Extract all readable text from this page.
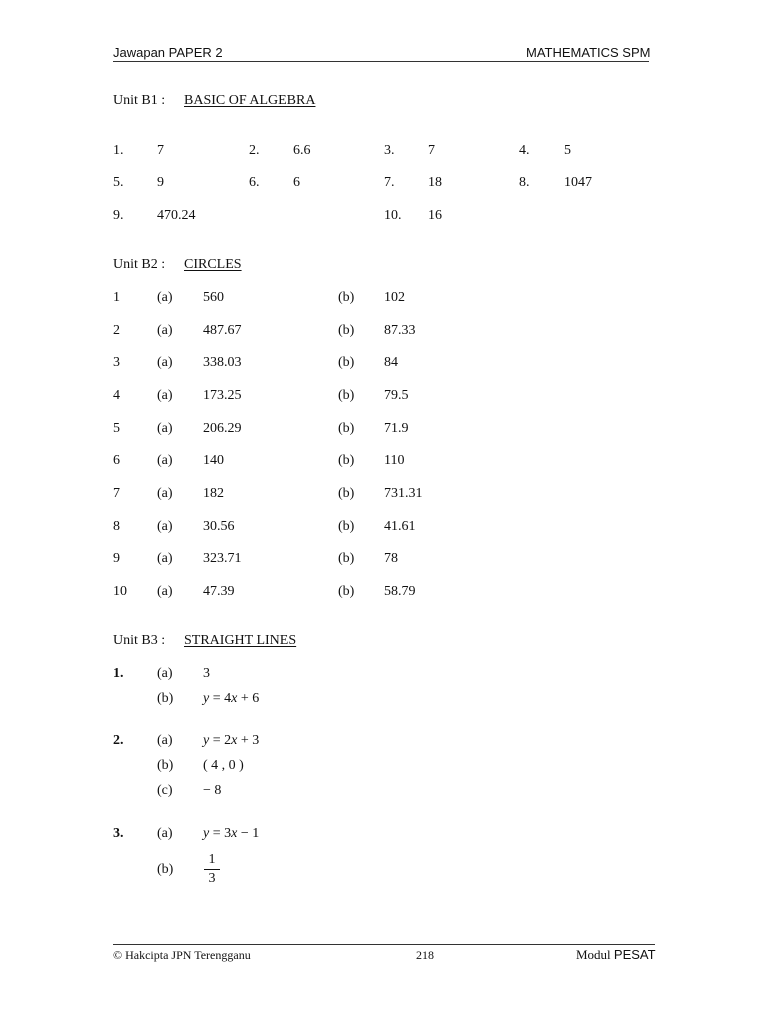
Jawapan PAPER 2	MATHEMATICS SPM
Unit B1 : BASIC OF ALGEBRA
1. 7	2. 6.6	3. 7	4. 5
5. 9	6. 6	7. 18	8. 1047
9. 470.24	10. 16
Unit B2 : CIRCLES
1	(a) 560	(b) 102
2	(a) 487.67	(b) 87.33
3	(a) 338.03	(b) 84
4	(a) 173.25	(b) 79.5
5	(a) 206.29	(b) 71.9
6	(a) 140	(b) 110
7	(a) 182	(b) 731.31
8	(a) 30.56	(b) 41.61
9	(a) 323.71	(b) 78
10 (a) 47.39	(b) 58.79
Unit B3 : STRAIGHT LINES
1. (a) 3
(b) y = 4x + 6
2. (a) y = 2x + 3
(b) ( 4 , 0 )
(c) − 8
3. (a) y = 3x − 1
(b)
1
3
© Hakcipta JPN Terengganu	218	Modul PESAT
